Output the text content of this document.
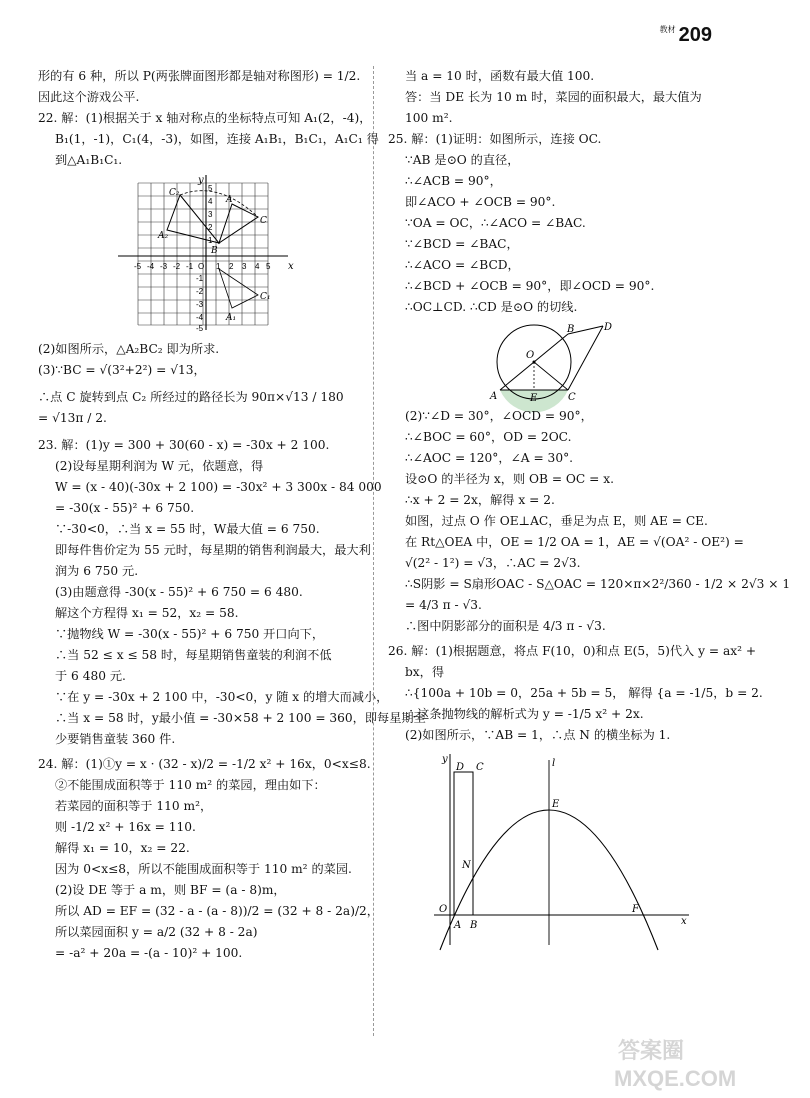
$^{教材}$ 209
形的有 6 种，所以 P(两张牌面图形都是轴对称图形) = 1/2.
因此这个游戏公平.
22. 解：(1)根据关于 x 轴对称点的坐标特点可知 A₁(2，-4)，
B₁(1，-1)，C₁(4，-3)，如图，连接 A₁B₁，B₁C₁，A₁C₁ 得
到△A₁B₁C₁.
x
y
-5 -4 -3 -2 -1 O 1 2 3 4 5
5
4
3
2
1
-1
-2
-3
-4
-5
C₂
A₂
A
B
C
A₁
C₁
(2)如图所示，△A₂BC₂ 即为所求.
(3)∵BC = √(3²+2²) = √13，
∴点 C 旋转到点 C₂ 所经过的路径长为 90π×√13 / 180
= √13π / 2.
23. 解：(1)y = 300 + 30(60 - x) = -30x + 2 100.
(2)设每星期利润为 W 元，依题意，得
W = (x - 40)(-30x + 2 100) = -30x² + 3 300x - 84 000
= -30(x - 55)² + 6 750.
∵-30<0，∴当 x = 55 时，W最大值 = 6 750.
即每件售价定为 55 元时，每星期的销售利润最大，最大利
润为 6 750 元.
(3)由题意得 -30(x - 55)² + 6 750 = 6 480.
解这个方程得 x₁ = 52，x₂ = 58.
∵抛物线 W = -30(x - 55)² + 6 750 开口向下，
∴当 52 ≤ x ≤ 58 时，每星期销售童装的利润不低
于 6 480 元.
∵在 y = -30x + 2 100 中，-30<0，y 随 x 的增大而减小，
∴当 x = 58 时，y最小值 = -30×58 + 2 100 = 360，即每星期至
少要销售童装 360 件.
24. 解：(1)①y = x · (32 - x)/2 = -1/2 x² + 16x，0<x≤8.
②不能围成面积等于 110 m² 的菜园，理由如下：
若菜园的面积等于 110 m²，
则 -1/2 x² + 16x = 110.
解得 x₁ = 10，x₂ = 22.
因为 0<x≤8，所以不能围成面积等于 110 m² 的菜园.
(2)设 DE 等于 a m，则 BF = (a - 8)m，
所以 AD = EF = (32 - a - (a - 8))/2 = (32 + 8 - 2a)/2，
所以菜园面积 y = a/2 (32 + 8 - 2a)
= -a² + 20a = -(a - 10)² + 100.
当 a = 10 时，函数有最大值 100.
答：当 DE 长为 10 m 时，菜园的面积最大，最大值为
100 m².
25. 解：(1)证明：如图所示，连接 OC.
∵AB 是⊙O 的直径，
∴∠ACB = 90°，
即∠ACO + ∠OCB = 90°.
∵OA = OC，∴∠ACO = ∠BAC.
∵∠BCD = ∠BAC，
∴∠ACO = ∠BCD，
∴∠BCD + ∠OCB = 90°，即∠OCD = 90°.
∴OC⊥CD. ∴CD 是⊙O 的切线.
O
A
B
C
D
E
(2)∵∠D = 30°，∠OCD = 90°，
∴∠BOC = 60°，OD = 2OC.
∴∠AOC = 120°，∠A = 30°.
设⊙O 的半径为 x，则 OB = OC = x.
∴x + 2 = 2x，解得 x = 2.
如图，过点 O 作 OE⊥AC，垂足为点 E，则 AE = CE.
在 Rt△OEA 中，OE = 1/2 OA = 1，AE = √(OA² - OE²) =
√(2² - 1²) = √3，∴AC = 2√3.
∴S阴影 = S扇形OAC - S△OAC = 120×π×2²/360 - 1/2 × 2√3 × 1
= 4/3 π - √3.
∴图中阴影部分的面积是 4/3 π - √3.
26. 解：(1)根据题意，将点 F(10，0)和点 E(5，5)代入 y = ax² +
bx，得
∴{100a + 10b = 0，25a + 5b = 5， 解得 {a = -1/5，b = 2.
∴这条抛物线的解析式为 y = -1/5 x² + 2x.
(2)如图所示，∵AB = 1，∴点 N 的横坐标为 1.
y
x
l
D C
E
N
O
A B
F
答案圈
MXQE.COM
